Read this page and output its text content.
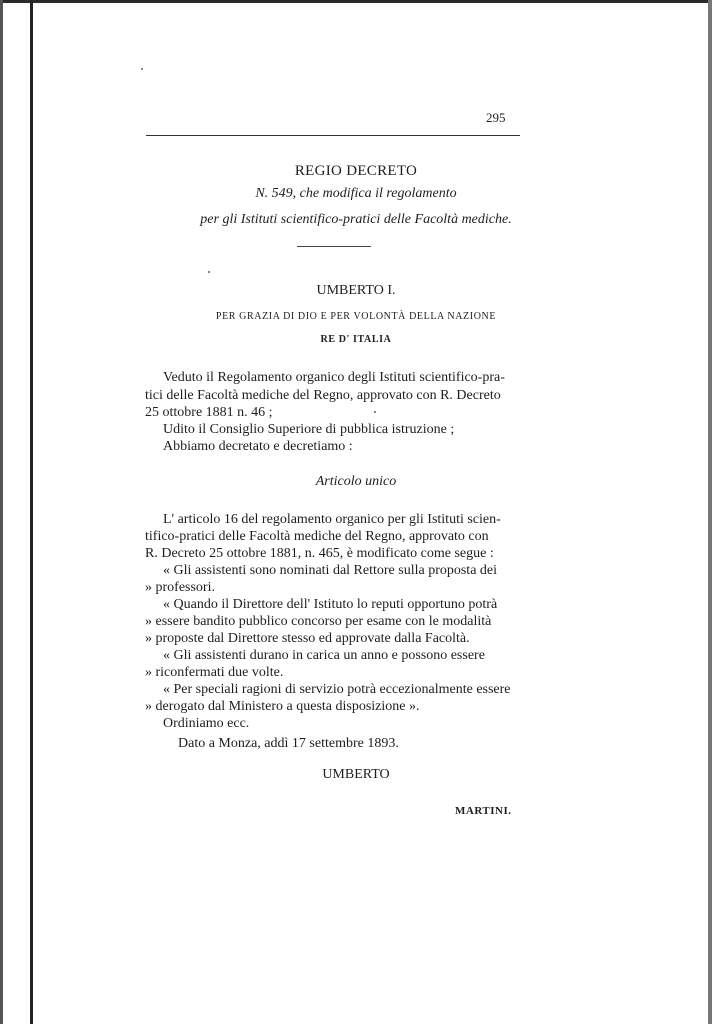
295
REGIO DECRETO
N. 549, che modifica il regolamento
per gli Istituti scientifico-pratici delle Facoltà mediche.
UMBERTO I.
PER GRAZIA DI DIO E PER VOLONTÀ DELLA NAZIONE
RE D' ITALIA
Veduto il Regolamento organico degli Istituti scientifico-pra-
tici delle Facoltà mediche del Regno, approvato con R. Decreto
25 ottobre 1881 n. 46 ;
Udito il Consiglio Superiore di pubblica istruzione ;
Abbiamo decretato e decretiamo :
Articolo unico
L' articolo 16 del regolamento organico per gli Istituti scien-
tifico-pratici delle Facoltà mediche del Regno, approvato con
R. Decreto 25 ottobre 1881, n. 465, è modificato come segue :
« Gli assistenti sono nominati dal Rettore sulla proposta dei
» professori.
« Quando il Direttore dell' Istituto lo reputi opportuno potrà
» essere bandito pubblico concorso per esame con le modalità
» proposte dal Direttore stesso ed approvate dalla Facoltà.
« Gli assistenti durano in carica un anno e possono essere
» riconfermati due volte.
« Per speciali ragioni di servizio potrà eccezionalmente essere
» derogato dal Ministero a questa disposizione ».
Ordiniamo ecc.
Dato a Monza, addì 17 settembre 1893.
UMBERTO
MARTINI.
